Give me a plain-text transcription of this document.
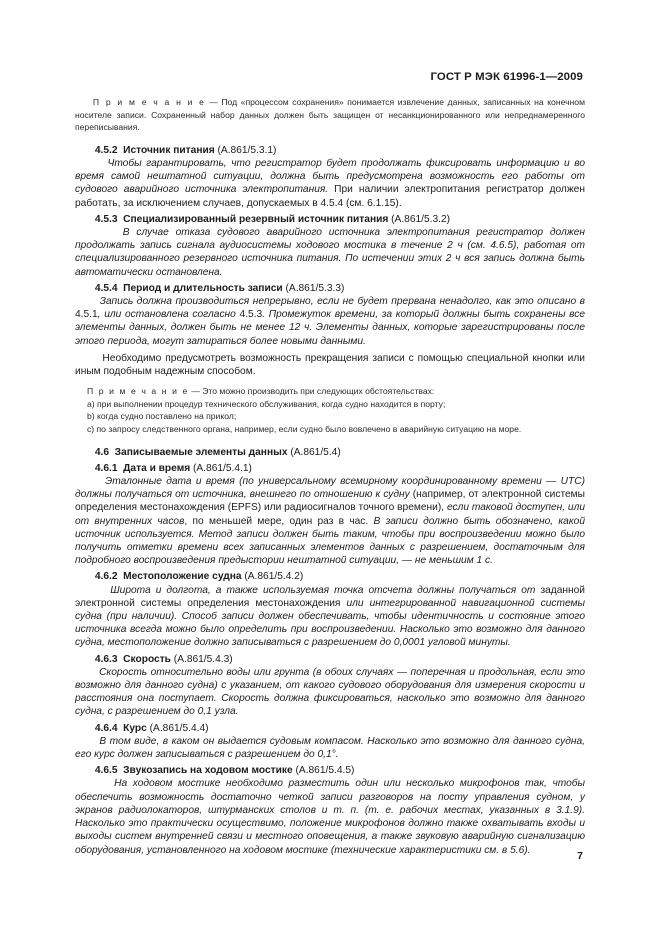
ГОСТ Р МЭК 61996-1—2009

П р и м е ч а н и е — Под «процессом сохранения» понимается извлечение данных, записанных на конечном носителе записи. Сохраненный набор данных должен быть защищен от несанкционированного или непреднамеренного переписывания.

4.5.2 Источник питания (А.861/5.3.1)

Чтобы гарантировать, что регистратор будет продолжать фиксировать информацию и во время самой нештатной ситуации, должна быть предусмотрена возможность его работы от судового аварийного источника электропитания. При наличии электропитания регистратор должен работать, за исключением случаев, допускаемых в 4.5.4 (см. 6.1.15).

4.5.3 Специализированный резервный источник питания (А.861/5.3.2)

В случае отказа судового аварийного источника электропитания регистратор должен продолжать запись сигнала аудиосистемы ходового мостика в течение 2 ч (см. 4.6.5), работая от специализированного резервного источника питания. По истечении этих 2 ч вся запись должна быть автоматически остановлена.

4.5.4 Период и длительность записи (А.861/5.3.3)

Запись должна производиться непрерывно, если не будет прервана ненадолго, как это описано в 4.5.1, или остановлена согласно 4.5.3. Промежуток времени, за который должны быть сохранены все элементы данных, должен быть не менее 12 ч. Элементы данных, которые зарегистрированы после этого периода, могут затираться более новыми данными.

Необходимо предусмотреть возможность прекращения записи с помощью специальной кнопки или иным подобным надежным способом.

П р и м е ч а н и е — Это можно производить при следующих обстоятельствах:

a) при выполнении процедур технического обслуживания, когда судно находится в порту;

b) когда судно поставлено на прикол;

c) по запросу следственного органа, например, если судно было вовлечено в аварийную ситуацию на море.

4.6 Записываемые элементы данных (А.861/5.4)

4.6.1 Дата и время (А.861/5.4.1)

Эталонные дата и время (по универсальному всемирному координированному времени — UTC) должны получаться от источника, внешнего по отношению к судну (например, от электронной системы определения местонахождения (EPFS) или радиосигналов точного времени), если таковой доступен, или от внутренних часов, по меньшей мере, один раз в час. В записи должно быть обозначено, какой источник используется. Метод записи должен быть таким, чтобы при воспроизведении можно было получить отметки времени всех записанных элементов данных с разрешением, достаточным для подробного воспроизведения предыстории нештатной ситуации, — не меньшим 1 с.

4.6.2 Местоположение судна (А.861/5.4.2)

Широта и долгота, а также используемая точка отсчета должны получаться от заданной электронной системы определения местонахождения или интегрированной навигационной системы судна (при наличии). Способ записи должен обеспечивать, чтобы идентичность и состояние этого источника всегда можно было определить при воспроизведении. Насколько это возможно для данного судна, местоположение должно записываться с разрешением до 0,0001 угловой минуты.

4.6.3 Скорость (А.861/5.4.3)

Скорость относительно воды или грунта (в обоих случаях — поперечная и продольная, если это возможно для данного судна) с указанием, от какого судового оборудования для измерения скорости и расстояния она поступает. Скорость должна фиксироваться, насколько это возможно для данного судна, с разрешением до 0,1 узла.

4.6.4 Курс (А.861/5.4.4)

В том виде, в каком он выдается судовым компасом. Насколько это возможно для данного судна, его курс должен записываться с разрешением до 0,1°.

4.6.5 Звукозапись на ходовом мостике (А.861/5.4.5)

На ходовом мостике необходимо разместить один или несколько микрофонов так, чтобы обеспечить возможность достаточно четкой записи разговоров на посту управления судном, у экранов радиолокаторов, штурманских столов и т. п. (т. е. рабочих местах, указанных в 3.1.9). Насколько это практически осуществимо, положение микрофонов должно также охватывать входы и выходы систем внутренней связи и местного оповещения, а также звуковую аварийную сигнализацию оборудования, установленного на ходовом мостике (технические характеристики см. в 5.6).	7
